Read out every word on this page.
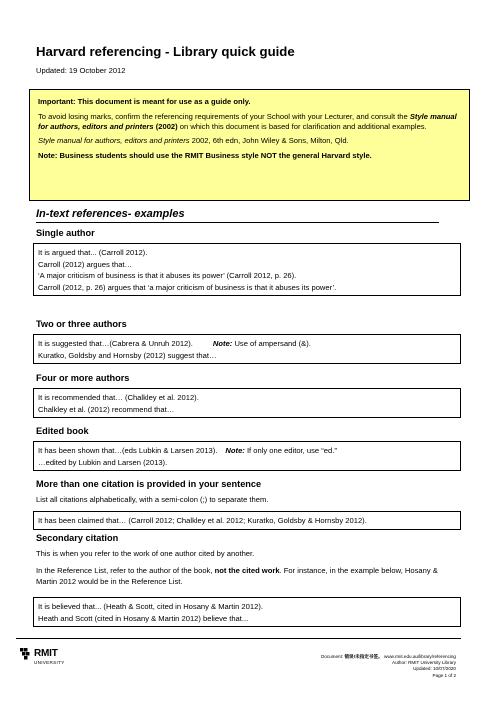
Harvard referencing - Library quick guide
Updated: 19 October 2012

Important: This document is meant for use as a guide only.

To avoid losing marks, confirm the referencing requirements of your School with your Lecturer, and consult the Style manual for authors, editors and printers (2002) on which this document is based for clarification and additional examples.

Style manual for authors, editors and printers 2002, 6th edn, John Wiley & Sons, Milton, Qld.

Note: Business students should use the RMIT Business style NOT the general Harvard style.

In-text references- examples
Single author
It is argued that... (Carroll 2012).
Carroll (2012) argues that…
‘A major criticism of business is that it abuses its power’ (Carroll 2012, p. 26).
Carroll (2012, p. 26) argues that ‘a major criticism of business is that it abuses its power’.
Two or three authors
It is suggested that…(Cabrera & Unruh 2012).	Note: Use of ampersand (&).
Kuratko, Goldsby and Hornsby (2012) suggest that…
Four or more authors
It is recommended that… (Chalkley et al. 2012).
Chalkley et al. (2012) recommend that…
Edited book
It has been shown that…(eds Lubkin & Larsen 2013). Note: If only one editor, use “ed.”
…edited by Lubkin and Larsen (2013).
More than one citation is provided in your sentence
List all citations alphabetically, with a semi-colon (;) to separate them.
It has been claimed that… (Carroll 2012; Chalkley et al. 2012; Kuratko, Goldsby & Hornsby 2012).
Secondary citation
This is when you refer to the work of one author cited by another.
In the Reference List, refer to the author of the book, not the cited work. For instance, in the example below, Hosany & Martin 2012 would be in the Reference List.
It is believed that... (Heath & Scott, cited in Hosany & Martin 2012).
Heath and Scott (cited in Hosany & Martin 2012) believe that...
RMIT
UNIVERSITY
Document: 错误!未指定书签。 www.rmit.edu.au/library/referencing
Author: RMIT University Library
Updated: 10/07/2020
Page 1 of 2
